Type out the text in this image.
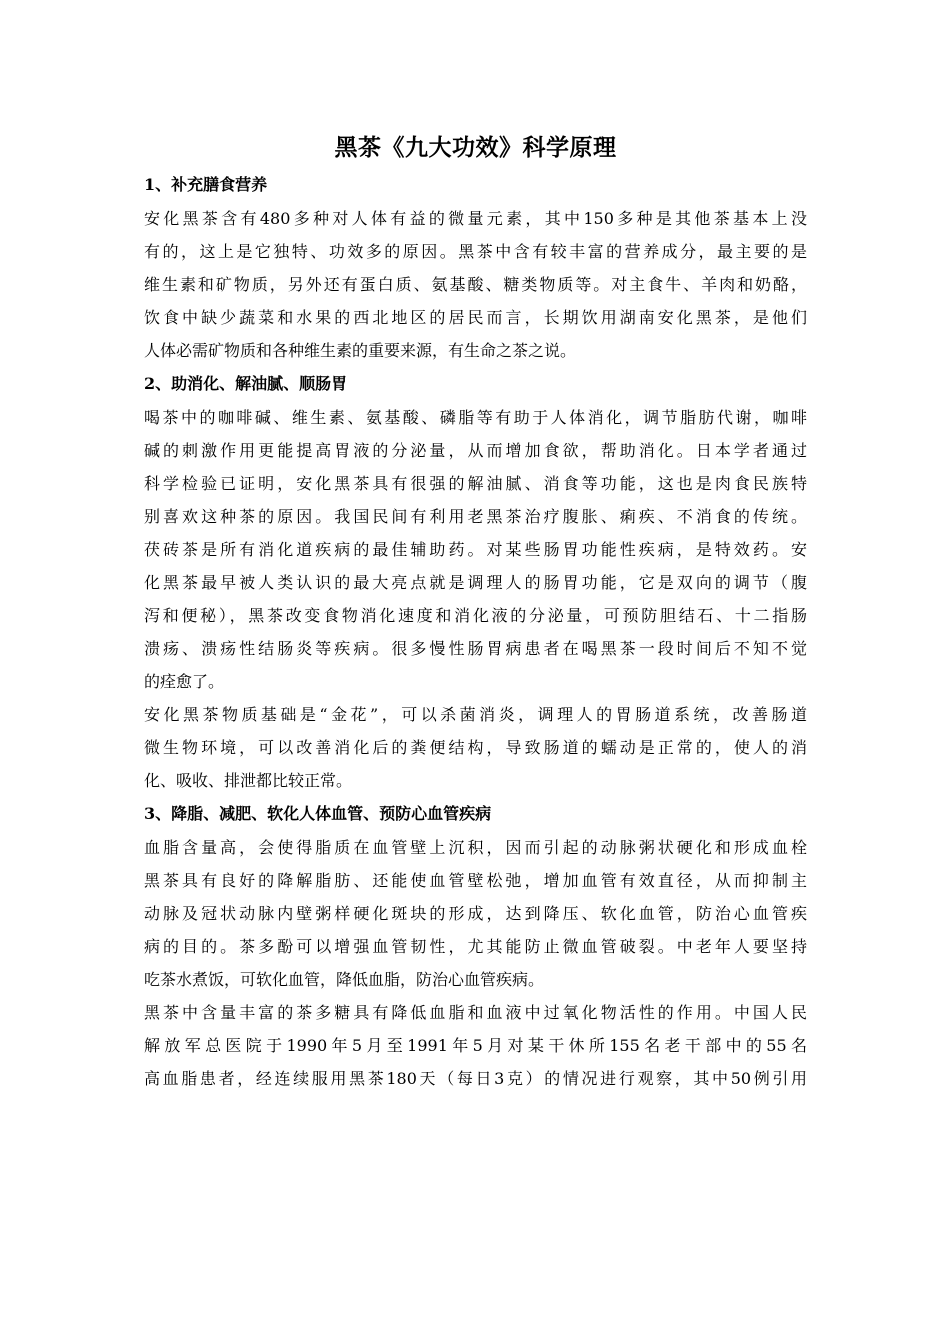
黑茶《九大功效》科学原理
1、补充膳食营养
安化黑茶含有480多种对人体有益的微量元素，其中150多种是其他茶基本上没
有的，这上是它独特、功效多的原因。黑茶中含有较丰富的营养成分，最主要的是
维生素和矿物质，另外还有蛋白质、氨基酸、糖类物质等。对主食牛、羊肉和奶酪，
饮食中缺少蔬菜和水果的西北地区的居民而言，长期饮用湖南安化黑茶，是他们
人体必需矿物质和各种维生素的重要来源，有生命之茶之说。
2、助消化、解油腻、顺肠胃
喝茶中的咖啡碱、维生素、氨基酸、磷脂等有助于人体消化，调节脂肪代谢，咖啡
碱的刺激作用更能提高胃液的分泌量，从而增加食欲，帮助消化。日本学者通过
科学检验已证明，安化黑茶具有很强的解油腻、消食等功能，这也是肉食民族特
别喜欢这种茶的原因。我国民间有利用老黑茶治疗腹胀、痢疾、不消食的传统。
茯砖茶是所有消化道疾病的最佳辅助药。对某些肠胃功能性疾病，是特效药。安
化黑茶最早被人类认识的最大亮点就是调理人的肠胃功能，它是双向的调节（腹
泻和便秘），黑茶改变食物消化速度和消化液的分泌量，可预防胆结石、十二指肠
溃疡、溃疡性结肠炎等疾病。很多慢性肠胃病患者在喝黑茶一段时间后不知不觉
的痊愈了。
安化黑茶物质基础是“金花”，可以杀菌消炎，调理人的胃肠道系统，改善肠道
微生物环境，可以改善消化后的粪便结构，导致肠道的蠕动是正常的，使人的消
化、吸收、排泄都比较正常。
3、降脂、减肥、软化人体血管、预防心血管疾病
血脂含量高，会使得脂质在血管壁上沉积，因而引起的动脉粥状硬化和形成血栓
黑茶具有良好的降解脂肪、还能使血管壁松弛，增加血管有效直径，从而抑制主
动脉及冠状动脉内壁粥样硬化斑块的形成，达到降压、软化血管，防治心血管疾
病的目的。茶多酚可以增强血管韧性，尤其能防止微血管破裂。中老年人要坚持
吃茶水煮饭，可软化血管，降低血脂，防治心血管疾病。
黑茶中含量丰富的茶多糖具有降低血脂和血液中过氧化物活性的作用。中国人民
解放军总医院于1990年5月至1991年5月对某干休所155名老干部中的55名
高血脂患者，经连续服用黑茶180天（每日3克）的情况进行观察，其中50例引用
